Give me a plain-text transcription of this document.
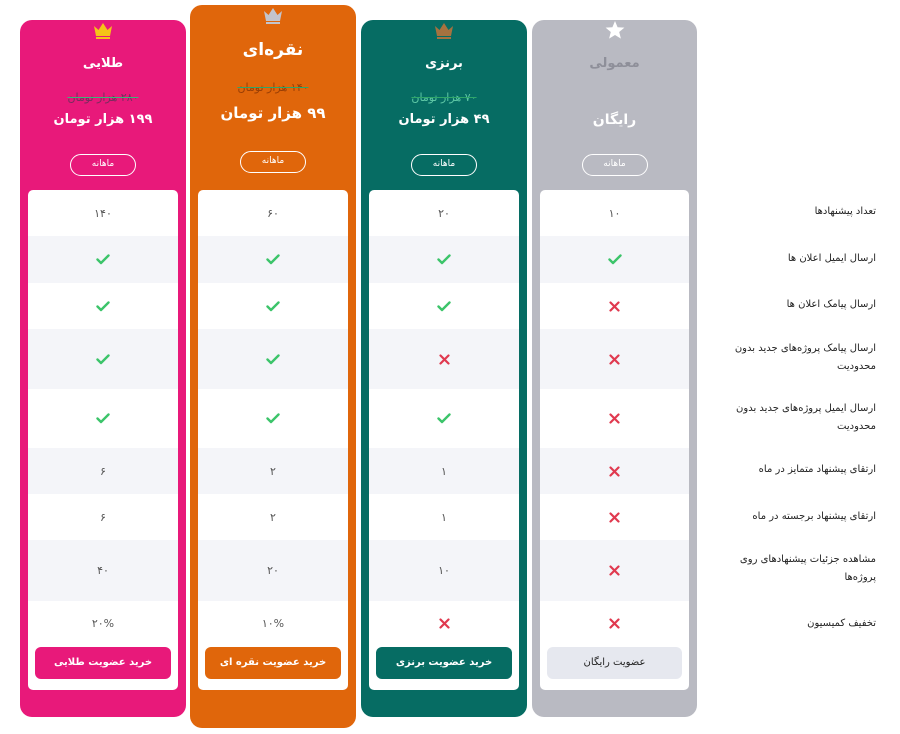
طلایی
۲۸۰ هزار تومان
۱۹۹ هزار تومان
ماهانه
۱۴۰
۶
۶
۴۰
۲۰%
خرید عضویت طلایی
نقره‌ای
۱۴۰ هزار تومان
۹۹ هزار تومان
ماهانه
۶۰
۲
۲
۲۰
۱۰%
خرید عضویت نقره ای
برنزی
۷۰ هزار تومان
۴۹ هزار تومان
ماهانه
۲۰
۱
۱
۱۰
خرید عضویت برنزی
معمولی
رایگان
ماهانه
۱۰
عضویت رایگان
تعداد پیشنهادها
ارسال ایمیل اعلان ها
ارسال پیامک اعلان ها
ارسال پیامک پروژه‌های جدید بدون محدودیت
ارسال ایمیل پروژه‌های جدید بدون محدودیت
ارتقای پیشنهاد متمایز در ماه
ارتقای پیشنهاد برجسته در ماه
مشاهده جزئیات پیشنهادهای روی پروژه‌ها
تخفیف کمیسیون
